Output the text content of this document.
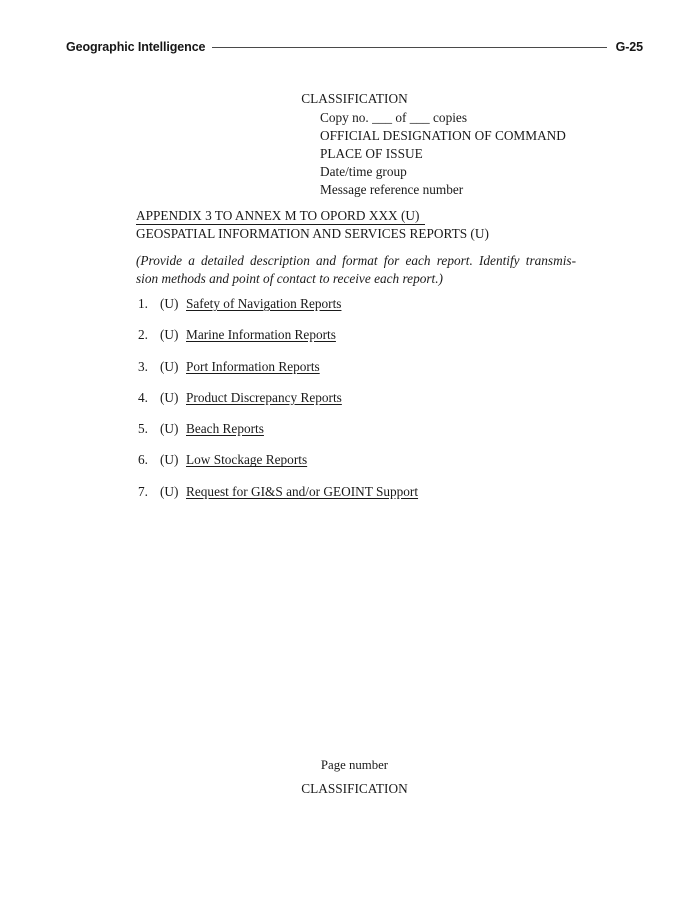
Geographic Intelligence	G-25
CLASSIFICATION
Copy no. ___ of ___ copies
OFFICIAL DESIGNATION OF COMMAND
PLACE OF ISSUE
Date/time group
Message reference number
APPENDIX 3 TO ANNEX M TO OPORD XXX (U)
GEOSPATIAL INFORMATION AND SERVICES REPORTS (U)
(Provide a detailed description and format for each report. Identify transmis-
sion methods and point of contact to receive each report.)
1. (U) Safety of Navigation Reports
2. (U) Marine Information Reports
3. (U) Port Information Reports
4. (U) Product Discrepancy Reports
5. (U) Beach Reports
6. (U) Low Stockage Reports
7. (U) Request for GI&S and/or GEOINT Support
Page number
CLASSIFICATION
